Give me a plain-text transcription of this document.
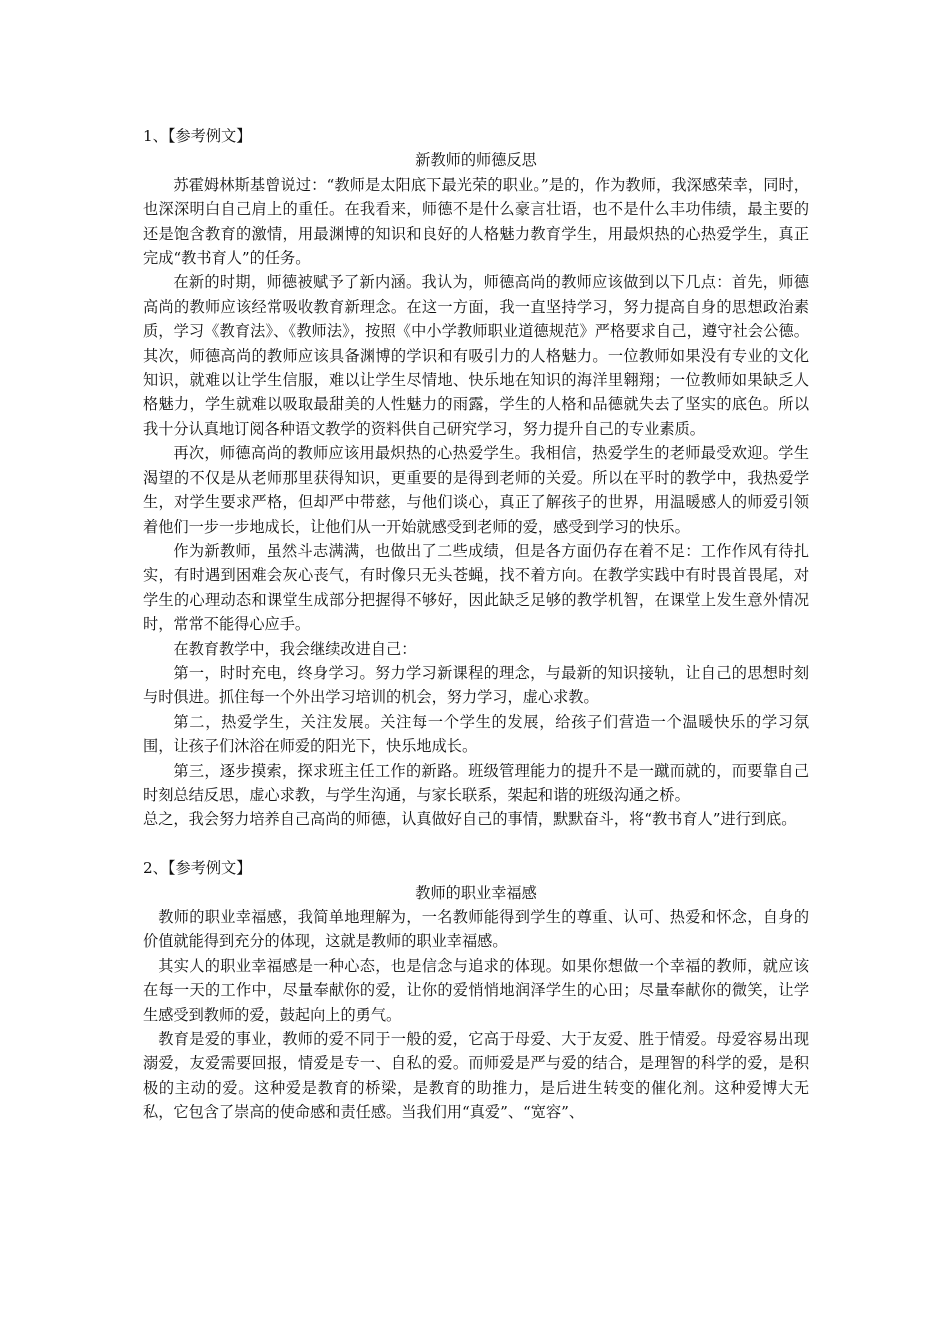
1、【参考例文】

新教师的师德反思

苏霍姆林斯基曾说过：“教师是太阳底下最光荣的职业。”是的，作为教师，我深感荣幸，同时，也深深明白自己肩上的重任。在我看来，师德不是什么豪言壮语，也不是什么丰功伟绩，最主要的还是饱含教育的激情，用最渊博的知识和良好的人格魅力教育学生，用最炽热的心热爱学生，真正完成“教书育人”的任务。

在新的时期，师德被赋予了新内涵。我认为，师德高尚的教师应该做到以下几点：首先，师德高尚的教师应该经常吸收教育新理念。在这一方面，我一直坚持学习，努力提高自身的思想政治素质，学习《教育法》、《教师法》，按照《中小学教师职业道德规范》严格要求自己，遵守社会公德。其次，师德高尚的教师应该具备渊博的学识和有吸引力的人格魅力。一位教师如果没有专业的文化知识，就难以让学生信服，难以让学生尽情地、快乐地在知识的海洋里翱翔；一位教师如果缺乏人格魅力，学生就难以吸取最甜美的人性魅力的雨露，学生的人格和品德就失去了坚实的底色。所以我十分认真地订阅各种语文教学的资料供自己研究学习，努力提升自己的专业素质。

再次，师德高尚的教师应该用最炽热的心热爱学生。我相信，热爱学生的老师最受欢迎。学生渴望的不仅是从老师那里获得知识，更重要的是得到老师的关爱。所以在平时的教学中，我热爱学生，对学生要求严格，但却严中带慈，与他们谈心，真正了解孩子的世界，用温暖感人的师爱引领着他们一步一步地成长，让他们从一开始就感受到老师的爱，感受到学习的快乐。

作为新教师，虽然斗志满满，也做出了二些成绩，但是各方面仍存在着不足：工作作风有待扎实，有时遇到困难会灰心丧气，有时像只无头苍蝇，找不着方向。在教学实践中有时畏首畏尾，对学生的心理动态和课堂生成部分把握得不够好，因此缺乏足够的教学机智，在课堂上发生意外情况时，常常不能得心应手。

在教育教学中，我会继续改进自己：

第一，时时充电，终身学习。努力学习新课程的理念，与最新的知识接轨，让自己的思想时刻与时俱进。抓住每一个外出学习培训的机会，努力学习，虚心求教。

第二，热爱学生，关注发展。关注每一个学生的发展，给孩子们营造一个温暖快乐的学习氛围，让孩子们沐浴在师爱的阳光下，快乐地成长。

第三，逐步摸索，探求班主任工作的新路。班级管理能力的提升不是一蹴而就的，而要靠自己时刻总结反思，虚心求教，与学生沟通，与家长联系，架起和谐的班级沟通之桥。

总之，我会努力培养自己高尚的师德，认真做好自己的事情，默默奋斗，将“教书育人”进行到底。

2、【参考例文】

教师的职业幸福感

教师的职业幸福感，我简单地理解为，一名教师能得到学生的尊重、认可、热爱和怀念，自身的价值就能得到充分的体现，这就是教师的职业幸福感。

其实人的职业幸福感是一种心态，也是信念与追求的体现。如果你想做一个幸福的教师，就应该在每一天的工作中，尽量奉献你的爱，让你的爱悄悄地润泽学生的心田；尽量奉献你的微笑，让学生感受到教师的爱，鼓起向上的勇气。

教育是爱的事业，教师的爱不同于一般的爱，它高于母爱、大于友爱、胜于情爱。母爱容易出现溺爱，友爱需要回报，情爱是专一、自私的爱。而师爱是严与爱的结合，是理智的科学的爱，是积极的主动的爱。这种爱是教育的桥梁，是教育的助推力，是后进生转变的催化剂。这种爱博大无私，它包含了崇高的使命感和责任感。当我们用“真爱”、“宽容”、
